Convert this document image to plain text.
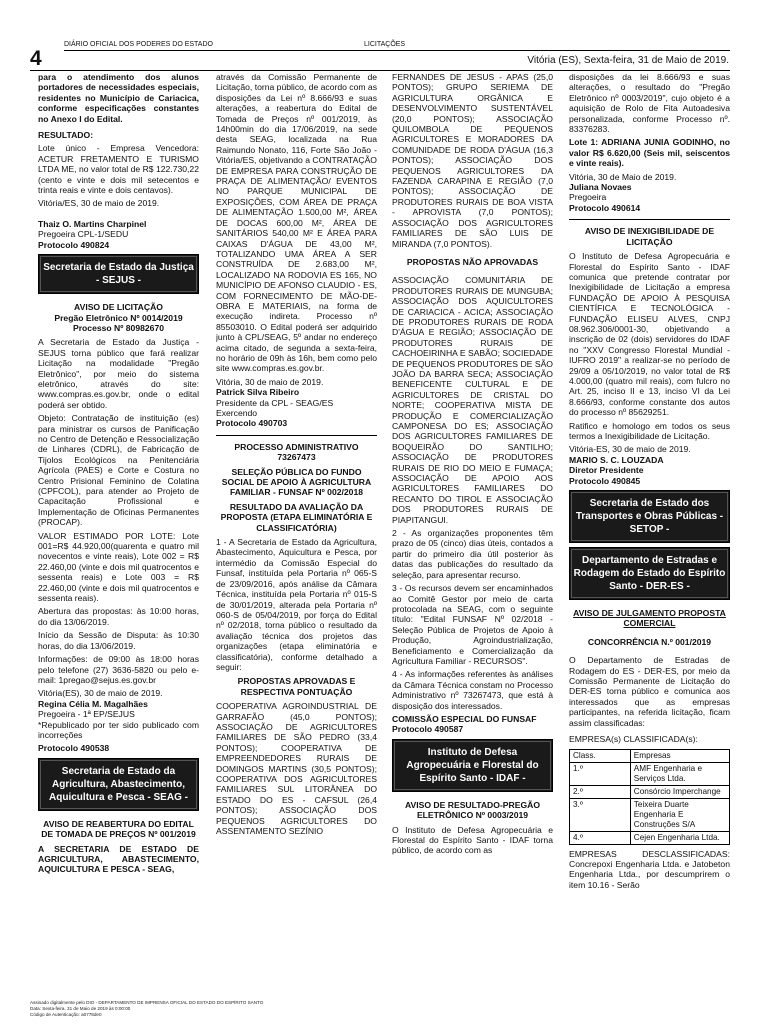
DIÁRIO OFICIAL DOS PODERES DO ESTADO	LICITAÇÕES
4	Vitória (ES), Sexta-feira, 31 de Maio de 2019.

para o atendimento dos alunos portadores de necessidades especiais, residentes no Município de Cariacica, conforme especificações constantes no Anexo I do Edital.

RESULTADO:

Lote único - Empresa Vencedora: ACETUR FRETAMENTO E TURISMO LTDA ME, no valor total de R$ 122.730,22 (cento e vinte e dois mil setecentos e trinta reais e vinte e dois centavos).

Vitória/ES, 30 de maio de 2019.

Thaiz O. Martins Charpinel

Pregoeira CPL-1/SEDU

Protocolo 490824

Secretaria de Estado da Justiça - SEJUS -
AVISO DE LICITAÇÃO
Pregão Eletrônico Nº 0014/2019
Processo Nº 80982670

A Secretaria de Estado da Justiça - SEJUS torna público que fará realizar Licitação na modalidade "Pregão Eletrônico", por meio do sistema eletrônico, através do site: www.compras.es.gov.br, onde o edital poderá ser obtido.

Objeto: Contratação de instituição (es) para ministrar os cursos de Panificação no Centro de Detenção e Ressocialização de Linhares (CDRL), de Fabricação de Tijolos Ecológicos na Penitenciária Agrícola (PAES) e Corte e Costura no Centro Prisional Feminino de Colatina (CPFCOL), para atender ao Projeto de Capacitação Profissional e Implementação de Oficinas Permanentes (PROCAP).

VALOR ESTIMADO POR LOTE: Lote 001=R$ 44.920,00(quarenta e quatro mil novecentos e vinte reais), Lote 002 = R$ 22.460,00 (vinte e dois mil quatrocentos e sessenta reais) e Lote 003 = R$ 22.460,00 (vinte e dois mil quatrocentos e sessenta reais).

Abertura das propostas: às 10:00 horas, do dia 13/06/2019.

Início da Sessão de Disputa: às 10:30 horas, do dia 13/06/2019.

Informações: de 09:00 às 18:00 horas pelo telefone (27) 3636-5820 ou pelo e-mail: 1pregao@sejus.es.gov.br

Vitória(ES), 30 de maio de 2019.

Regina Célia M. Magalhães

Pregoeira - 1ª EP/SEJUS

*Republicado por ter sido publicado com incorreções

Protocolo 490538

Secretaria de Estado da Agricultura, Abastecimento, Aquicultura e Pesca - SEAG -
AVISO DE REABERTURA DO EDITAL DE TOMADA DE PREÇOS Nº 001/2019

A SECRETARIA DE ESTADO DE AGRICULTURA, ABASTECIMENTO, AQUICULTURA E PESCA - SEAG,

através da Comissão Permanente de Licitação, torna público, de acordo com as disposições da Lei nº 8.666/93 e suas alterações, a reabertura do Edital de Tomada de Preços nº 001/2019, às 14h00min do dia 17/06/2019, na sede desta SEAG, localizada na Rua Raimundo Nonato, 116, Forte São João - Vitória/ES, objetivando a CONTRATAÇÃO DE EMPRESA PARA CONSTRUÇÃO DE PRAÇA DE ALIMENTAÇÃO/ EVENTOS NO PARQUE MUNICIPAL DE EXPOSIÇÕES, COM ÁREA DE PRAÇA DE ALIMENTAÇÃO 1.500,00 M², ÁREA DE DOCAS 600,00 M², ÁREA DE SANITÁRIOS 540,00 M² E ÁREA PARA CAIXAS D'ÁGUA DE 43,00 M², TOTALIZANDO UMA ÁREA A SER CONSTRUÍDA DE 2.683,00 M², LOCALIZADO NA RODOVIA ES 165, NO MUNICÍPIO DE AFONSO CLAUDIO - ES, COM FORNECIMENTO DE MÃO-DE-OBRA E MATERIAIS, na forma de execução indireta. Processo nº 85503010. O Edital poderá ser adquirido junto à CPL/SEAG, 5º andar no endereço acima citado, de segunda a sexta-feira, no horário de 09h às 16h, bem como pelo site www.compras.es.gov.br.

Vitória, 30 de maio de 2019.

Patrick Silva Ribeiro

Presidente da CPL - SEAG/ES

Exercendo

Protocolo 490703

PROCESSO ADMINISTRATIVO 73267473
SELEÇÃO PÚBLICA DO FUNDO SOCIAL DE APOIO À AGRICULTURA FAMILIAR - FUNSAF Nº 002/2018
RESULTADO DA AVALIAÇÃO DA PROPOSTA (ETAPA ELIMINATÓRIA E CLASSIFICATÓRIA)

1 - A Secretaria de Estado da Agricultura, Abastecimento, Aquicultura e Pesca, por intermédio da Comissão Especial do Funsaf, instituída pela Portaria nº 065-S de 23/09/2016, após análise da Câmara Técnica, instituída pela Portaria nº 015-S de 30/01/2019, alterada pela Portaria nº 060-S de 05/04/2019, por força do Edital nº 02/2018, torna público o resultado da avaliação técnica dos projetos das organizações (etapa eliminatória e classificatória), conforme detalhado a seguir:

PROPOSTAS APROVADAS E RESPECTIVA PONTUAÇÃO

COOPERATIVA AGROINDUSTRIAL DE GARRAFÃO (45,0 PONTOS); ASSOCIAÇÃO DE AGRICULTORES FAMILIARES DE SÃO PEDRO (33,4 PONTOS); COOPERATIVA DE EMPREENDEDORES RURAIS DE DOMINGOS MARTINS (30,5 PONTOS); COOPERATIVA DOS AGRICULTORES FAMILIARES SUL LITORÂNEA DO ESTADO DO ES - CAFSUL (26,4 PONTOS); ASSOCIAÇÃO DOS PEQUENOS AGRICULTORES DO ASSENTAMENTO SEZÍNIO

FERNANDES DE JESUS - APAS (25,0 PONTOS); GRUPO SERIEMA DE AGRICULTURA ORGÂNICA E DESENVOLVIMENTO SUSTENTÁVEL (20,0 PONTOS); ASSOCIAÇÃO QUILOMBOLA DE PEQUENOS AGRICULTORES E MORADORES DA COMUNIDADE DE RODA D'ÁGUA (16,3 PONTOS); ASSOCIAÇÃO DOS PEQUENOS AGRICULTORES DA FAZENDA CARAPINA E REGIÃO (7,0 PONTOS); ASSOCIAÇÃO DE PRODUTORES RURAIS DE BOA VISTA - APROVISTA (7,0 PONTOS); ASSOCIAÇÃO DOS AGRICULTORES FAMILIARES DE SÃO LUIS DE MIRANDA (7,0 PONTOS).

PROPOSTAS NÃO APROVADAS

ASSOCIAÇÃO COMUNITÁRIA DE PRODUTORES RURAIS DE MUNGUBA; ASSOCIAÇÃO DOS AQUICULTORES DE CARIACICA - ACICA; ASSOCIAÇÃO DE PRODUTORES RURAIS DE RODA D'ÁGUA E REGIÃO; ASSOCIAÇÃO DE PRODUTORES RURAIS DE CACHOEIRINHA E SABÃO; SOCIEDADE DE PEQUENOS PRODUTORES DE SÃO JOÃO DA BARRA SECA; ASSOCIAÇÃO BENEFICENTE CULTURAL E DE AGRICULTORES DE CRISTAL DO NORTE; COOPERATIVA MISTA DE PRODUÇÃO E COMERCIALIZAÇÃO CAMPONESA DO ES; ASSOCIAÇÃO DOS AGRICULTORES FAMILIARES DE BOQUEIRÃO DO SANTILHO; ASSOCIAÇÃO DE PRODUTORES RURAIS DE RIO DO MEIO E FUMAÇA; ASSOCIAÇÃO DE APOIO AOS AGRICULTORES FAMILIARES DO RECANTO DO TIROL E ASSOCIAÇÃO DOS PRODUTORES RURAIS DE PIAPITANGUI.

2 - As organizações proponentes têm prazo de 05 (cinco) dias úteis, contados a partir do primeiro dia útil posterior às datas das publicações do resultado da seleção, para apresentar recurso.

3 - Os recursos devem ser encaminhados ao Comitê Gestor por meio de carta protocolada na SEAG, com o seguinte título: "Edital FUNSAF Nº 02/2018 - Seleção Pública de Projetos de Apoio à Produção, Agroindustrialização, Beneficiamento e Comercialização da Agricultura Familiar - RECURSOS".

4 - As informações referentes às análises da Câmara Técnica constam no Processo Administrativo nº 73267473, que está à disposição dos interessados.

COMISSÃO ESPECIAL DO FUNSAF

Protocolo 490587

Instituto de Defesa Agropecuária e Florestal do Espírito Santo - IDAF -
AVISO DE RESULTADO-PREGÃO ELETRÔNICO Nº 0003/2019

O Instituto de Defesa Agropecuária e Florestal do Espírito Santo - IDAF torna público, de acordo com as

disposições da lei 8.666/93 e suas alterações, o resultado do "Pregão Eletrônico nº 0003/2019", cujo objeto é a aquisição de Rolo de Fita Autoadesiva personalizada, conforme Processo nº. 83376283.

Lote 1: ADRIANA JUNIA GODINHO, no valor R$ 6.620,00 (Seis mil, seiscentos e vinte reais).

Vitória, 30 de Maio de 2019.

Juliana Novaes

Pregoeira

Protocolo 490614

AVISO DE INEXIGIBILIDADE DE LICITAÇÃO

O Instituto de Defesa Agropecuária e Florestal do Espírito Santo - IDAF comunica que pretende contratar por Inexigibilidade de Licitação a empresa FUNDAÇÃO DE APOIO À PESQUISA CIENTÍFICA E TECNOLÓGICA - FUNDAÇÃO ELISEU ALVES, CNPJ 08.962.306/0001-30, objetivando a inscrição de 02 (dois) servidores do IDAF no "XXV Congresso Florestal Mundial - IUFRO 2019" a realizar-se no período de 29/09 a 05/10/2019, no valor total de R$ 4.000,00 (quatro mil reais), com fulcro no Art. 25, inciso II e 13, inciso VI da Lei 8.666/93, conforme constante dos autos do processo nº 85629251.

Ratifico e homologo em todos os seus termos a Inexigibilidade de Licitação.

Vitória-ES, 30 de maio de 2019.

MARIO S. C. LOUZADA

Diretor Presidente

Protocolo 490845

Secretaria de Estado dos Transportes e Obras Públicas - SETOP -
Departamento de Estradas e Rodagem do Estado do Espírito Santo - DER-ES -
AVISO DE JULGAMENTO PROPOSTA COMERCIAL
CONCORRÊNCIA N.º 001/2019

O Departamento de Estradas de Rodagem do ES - DER-ES, por meio da Comissão Permanente de Licitação do DER-ES torna público e comunica aos interessados que as empresas participantes, na referida licitação, ficam assim classificadas:

EMPRESA(s) CLASSIFICADA(s):

Class.	Empresas
1.º	AMF Engenharia e Serviços Ltda.
2.º	Consórcio Imperchange
3.º	Teixeira Duarte Engenharia E Construções S/A
4.º	Cejen Engenharia Ltda.

EMPRESAS DESCLASSIFICADAS: Concrepoxi Engenharia Ltda. e Jatobeton Engenharia Ltda., por descumprirem o item 10.16 - Serão

Assinado digitalmente pelo DIO - DEPARTAMENTO DE IMPRENSA OFICIAL DO ESTADO DO ESPÍRITO SANTO
Data: Sexta-feira, 31 de Maio de 2019 às 0:00:00
Código de Autenticação: a0778de0
